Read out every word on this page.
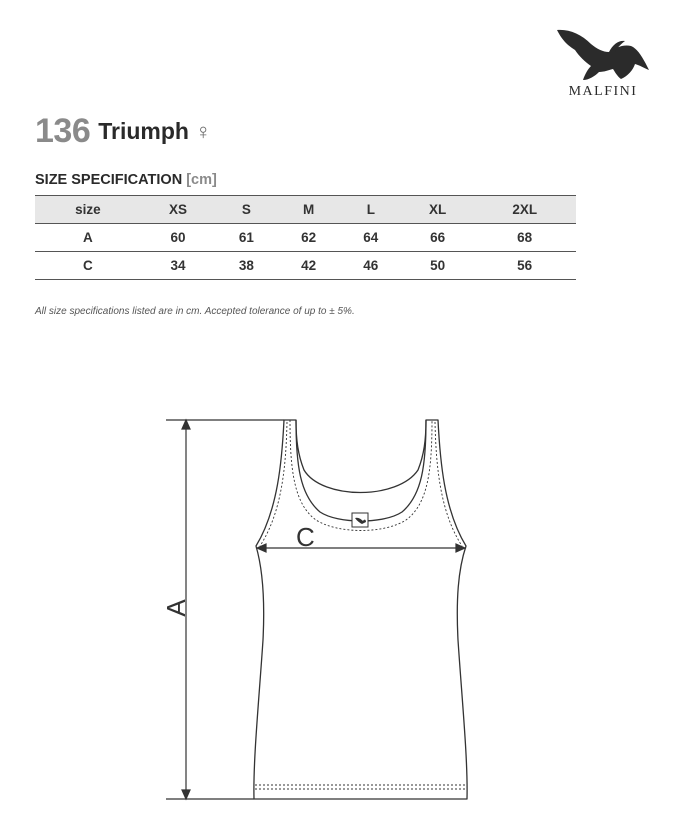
MALFINI
136 Triumph ♀
SIZE SPECIFICATION [cm]
size	XS	S	M	L	XL	2XL
A	60	61	62	64	66	68
C	34	38	42	46	50	56
All size specifications listed are in cm. Accepted tolerance of up to ± 5%.
A
C
